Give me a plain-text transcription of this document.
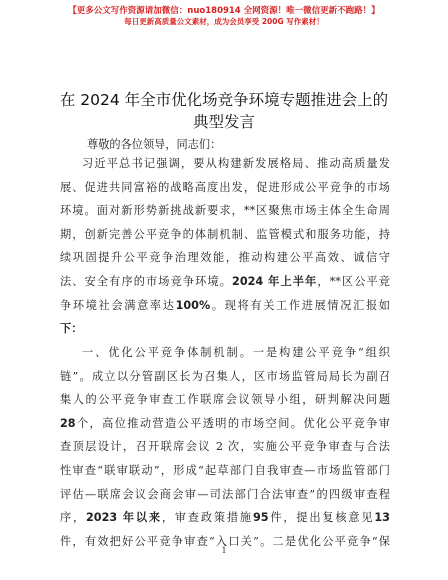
【更多公文写作资源请加微信：nuo180914 全网资源！唯一微信更新不跑路！】
每日更新高质量公文素材，成为会员享受 200G 写作素材！
在 2024 年全市优化场竞争环境专题推进会上的
典型发言
尊敬的各位领导，同志们：
习近平总书记强调，要从构建新发展格局、推动高质量发
展、促进共同富裕的战略高度出发，促进形成公平竞争的市场
环境。面对新形势新挑战新要求，**区聚焦市场主体全生命周
期，创新完善公平竞争的体制机制、监管模式和服务功能，持
续巩固提升公平竞争治理效能，推动构建公平高效、诚信守
法、安全有序的市场竞争环境。2024 年上半年，**区公平竞
争环境社会满意率达100%。现将有关工作进展情况汇报如
下：
一、优化公平竞争体制机制。一是构建公平竞争“组织
链”。成立以分管副区长为召集人，区市场监管局局长为副召
集人的公平竞争审查工作联席会议领导小组，研判解决问题
28个，高位推动营造公平透明的市场空间。优化公平竞争审
查顶层设计，召开联席会议 2 次，实施公平竞争审查与合法
性审查“联审联动”，形成“起草部门自我审查—市场监管部门
评估—联席会议会商会审—司法部门合法审查”的四级审查程
序，2023 年以来，审查政策措施95件，提出复核意见13
件，有效把好公平竞争审查“入口关”。二是优化公平竞争“保
1
